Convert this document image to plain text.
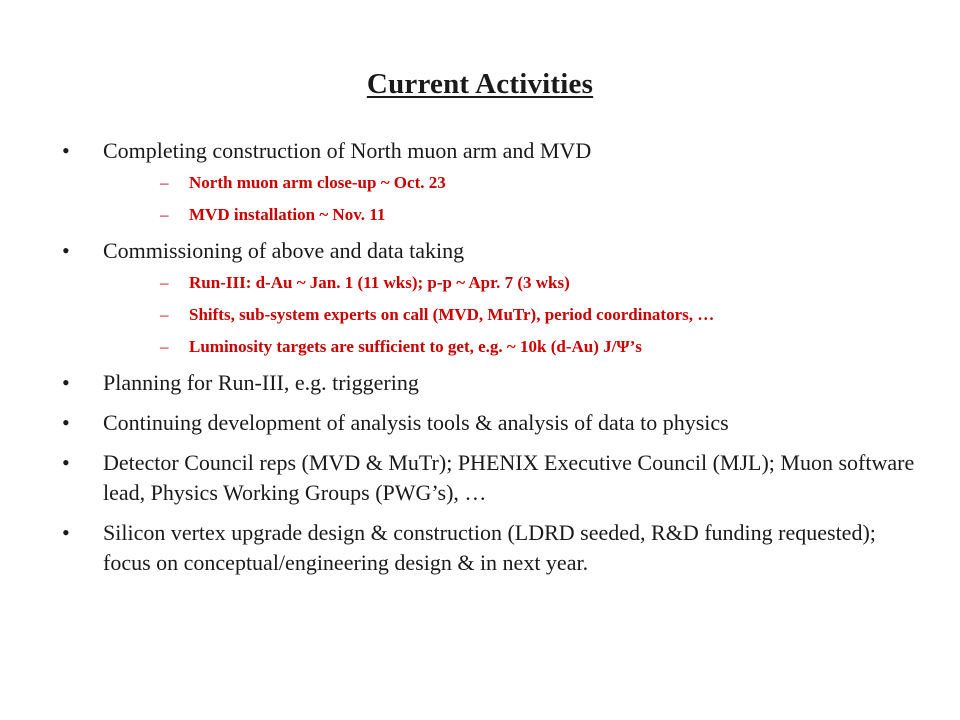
Current Activities
• Completing construction of North muon arm and MVD
– North muon arm close-up ~ Oct. 23
– MVD installation ~ Nov. 11
• Commissioning of above and data taking
– Run-III: d-Au ~ Jan. 1 (11 wks); p-p ~ Apr. 7 (3 wks)
– Shifts, sub-system experts on call (MVD, MuTr), period coordinators, …
– Luminosity targets are sufficient to get, e.g. ~ 10k (d-Au) J/Ψ’s
• Planning for Run-III, e.g. triggering
• Continuing development of analysis tools & analysis of data to physics
• Detector Council reps (MVD & MuTr); PHENIX Executive Council (MJL); Muon software lead, Physics Working Groups (PWG’s), …
• Silicon vertex upgrade design & construction (LDRD seeded, R&D funding requested); focus on conceptual/engineering design & in next year.
